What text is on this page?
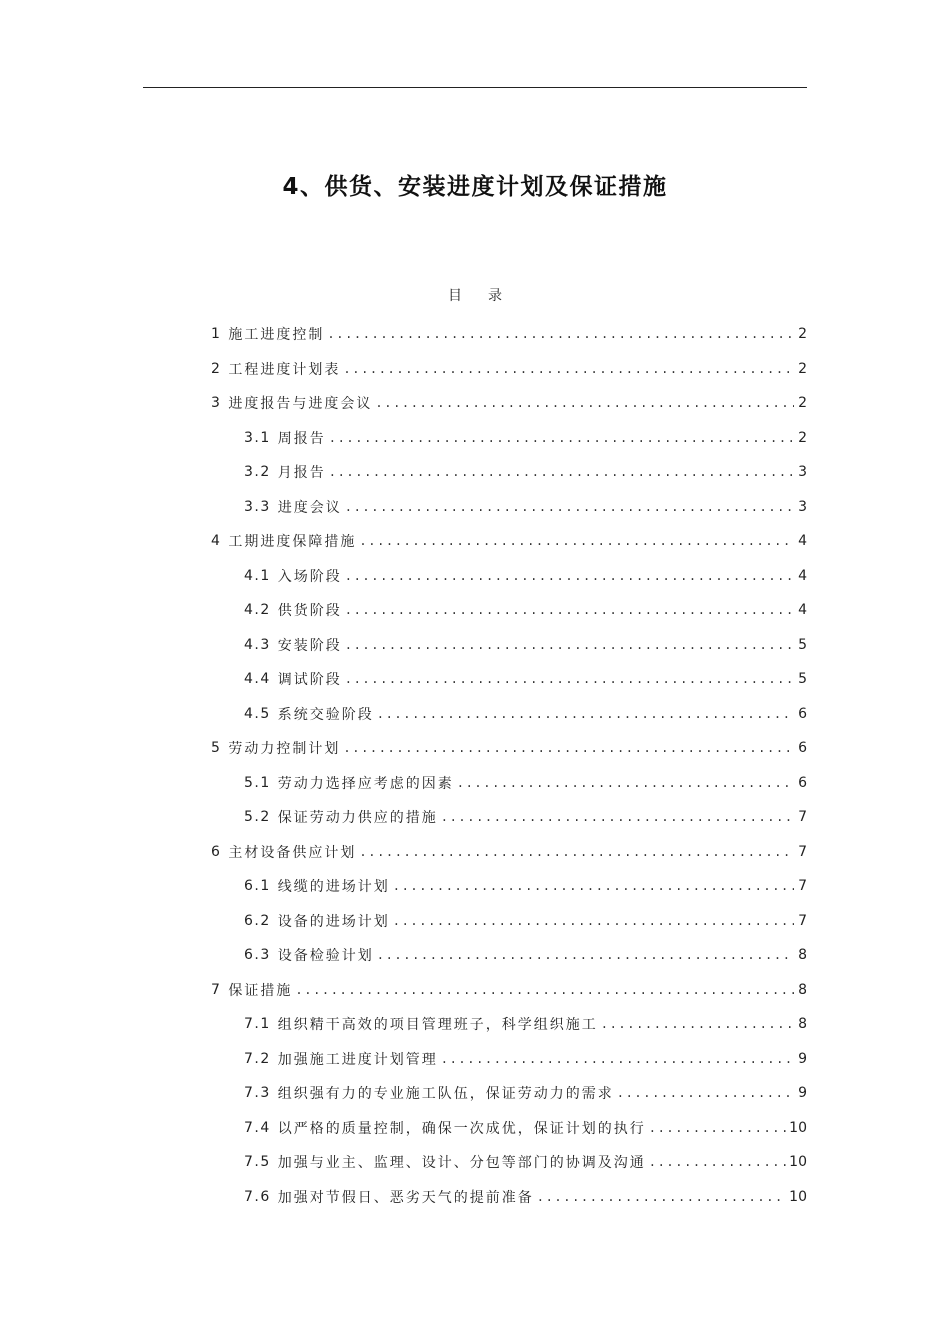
4、供货、安装进度计划及保证措施
目录
1 施工进度控制 .....	2
2 工程进度计划表 .....	2
3 进度报告与进度会议 .....	2
3.1 周报告 .....	2
3.2 月报告 .....	3
3.3 进度会议 .....	3
4 工期进度保障措施 .....	4
4.1 入场阶段 .....	4
4.2 供货阶段 .....	4
4.3 安装阶段 .....	5
4.4 调试阶段 .....	5
4.5 系统交验阶段 .....	6
5 劳动力控制计划 .....	6
5.1 劳动力选择应考虑的因素 .....	6
5.2 保证劳动力供应的措施 .....	7
6 主材设备供应计划 .....	7
6.1 线缆的进场计划 .....	7
6.2 设备的进场计划 .....	7
6.3 设备检验计划 .....	8
7 保证措施 .....	8
7.1 组织精干高效的项目管理班子，科学组织施工 .....	8
7.2 加强施工进度计划管理 .....	9
7.3 组织强有力的专业施工队伍，保证劳动力的需求 .....	9
7.4 以严格的质量控制，确保一次成优，保证计划的执行 .....	10
7.5 加强与业主、监理、设计、分包等部门的协调及沟通 .....	10
7.6 加强对节假日、恶劣天气的提前准备 .....	10
